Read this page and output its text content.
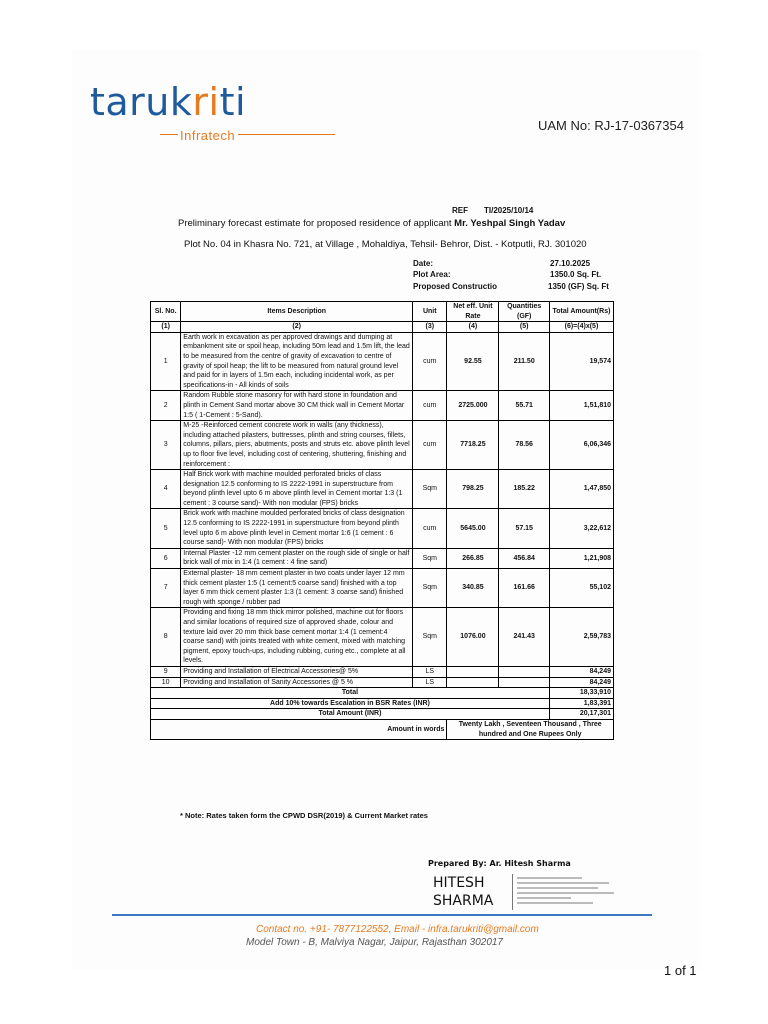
tarukriti
Infratech
UAM No: RJ-17-0367354
REF TI/2025/10/14
Preliminary forecast estimate for proposed residence of applicant Mr. Yeshpal Singh Yadav
Plot No. 04 in Khasra No. 721, at Village , Mohaldiya, Tehsil- Behror, Dist. - Kotputli, RJ. 301020
Date:	27.10.2025
Plot Area:	1350.0 Sq. Ft.
Proposed Constructio	1350 (GF) Sq. Ft
Sl. No.	Items Description	Unit	Net eff. Unit Rate	Quantities (GF)	Total Amount(Rs)
(1)	(2)	(3)	(4)	(5)	(6)=(4)x(5)
1	Earth work in excavation as per approved drawings and dumping at embankment site or spoil heap, including 50m lead and 1.5m lift, the lead to be measured from the centre of gravity of excavation to centre of gravity of spoil heap; the lift to be measured from natural ground level and paid for in layers of 1.5m each, including incidental work, as per specifications-in - All kinds of soils	cum	92.55	211.50	19,574
2	Random Rubble stone masonry for with hard stone in foundation and plinth in Cement Sand mortar above 30 CM thick wall in Cement Mortar 1:5 ( 1-Cement : 5-Sand).	cum	2725.000	55.71	1,51,810
3	M-25 -Reinforced cement concrete work in walls (any thickness), including attached pilasters, buttresses, plinth and string courses, fillets, columns, pillars, piers, abutments, posts and struts etc. above plinth level up to floor five level, including cost of centering, shuttering, finishing and reinforcement :	cum	7718.25	78.56	6,06,346
4	Half Brick work with machine moulded perforated bricks of class designation 12.5 conforming to IS 2222-1991 in superstructure from beyond plinth level upto 6 m above plinth level in Cement mortar 1:3 (1 cement : 3 course sand)- With non modular (FPS) bricks	Sqm	798.25	185.22	1,47,850
5	Brick work with machine moulded perforated bricks of class designation 12.5 conforming to IS 2222-1991 in superstructure from beyond plinth level upto 6 m above plinth level in Cement mortar 1:6 (1 cement : 6 course sand)- With non modular (FPS) bricks	cum	5645.00	57.15	3,22,612
6	Internal Plaster -12 mm cement plaster on the rough side of single or half brick wall of mix in 1:4 (1 cement : 4 fine sand)	Sqm	266.85	456.84	1,21,908
7	External plaster- 18 mm cement plaster in two coats under layer 12 mm thick cement plaster 1:5 (1 cement:5 coarse sand) finished with a top layer 6 mm thick cement plaster 1:3 (1 cement: 3 coarse sand) finished rough with sponge / rubber pad	Sqm	340.85	161.66	55,102
8	Providing and fixing 18 mm thick mirror polished, machine cut for floors and similar locations of required size of approved shade, colour and texture laid over 20 mm thick base cement mortar 1:4 (1 cement:4 coarse sand) with joints treated with white cement, mixed with matching pigment, epoxy touch-ups, including rubbing, curing etc., complete at all levels.	Sqm	1076.00	241.43	2,59,783
9	Providing and Installation of Electrical Accessories@ 5%	LS			84,249
10	Providing and Installation of Sanity Accessories @ 5 %	LS			84,249
Total					18,33,910
Add 10% towards Escalation in BSR Rates (INR)					1,83,391
Total Amount (INR)					20,17,301
Amount in words			Twenty Lakh , Seventeen Thousand , Three hundred and One Rupees Only		
* Note: Rates taken form the CPWD DSR(2019) & Current Market rates
Prepared By: Ar. Hitesh Sharma
HITESH
SHARMA
Contact no. +91- 7877122552, Email - infra.tarukriti@gmail.com
Model Town - B, Malviya Nagar, Jaipur, Rajasthan 302017
1 of 1
